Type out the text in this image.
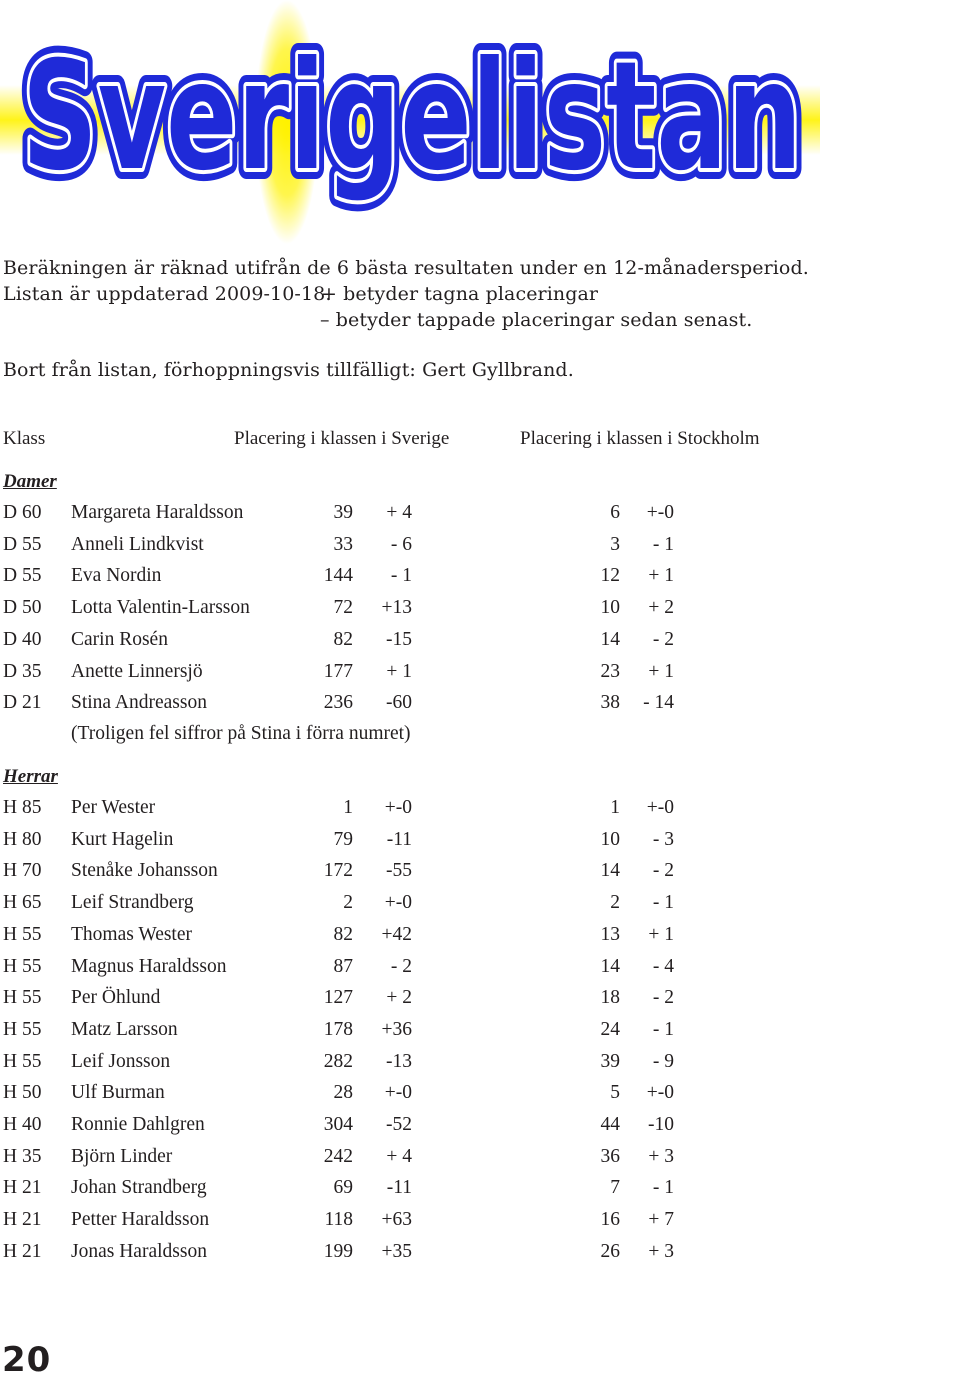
Sverigelistan
Sverigelistan
Sverigelistan
Beräkningen är räknad utifrån de 6 bästa resultaten under en 12-månadersperiod.
Listan är uppdaterad 2009-10-18.
+ betyder tagna placeringar
– betyder tappade placeringar sedan senast.
Bort från listan, förhoppningsvis tillfälligt: Gert Gyllbrand.
Klass	Placering i klassen i Sverige	Placering i klassen i Stockholm
Damer
D 60 Margareta Haraldsson	39	+ 4	6	+-0
D 55 Anneli Lindkvist	33	- 6	3	- 1
D 55 Eva Nordin	144	- 1	12	+ 1
D 50 Lotta Valentin-Larsson	72 +13	10	+ 2
D 40 Carin Rosén	82	-15	14	- 2
D 35 Anette Linnersjö	177	+ 1	23	+ 1
D 21 Stina Andreasson	236	-60	38 - 14
(Troligen fel siffror på Stina i förra numret)
Herrar
H 85 Per Wester	1	+-0	1	+-0
H 80 Kurt Hagelin	79	-11	10	- 3
H 70 Stenåke Johansson	172	-55	14	- 2
H 65 Leif Strandberg	2	+-0	2	- 1
H 55 Thomas Wester	82 +42	13	+ 1
H 55 Magnus Haraldsson	87	- 2	14	- 4
H 55 Per Öhlund	127	+ 2	18	- 2
H 55 Matz Larsson	178 +36	24	- 1
H 55 Leif Jonsson	282	-13	39	- 9
H 50 Ulf Burman	28	+-0	5	+-0
H 40 Ronnie Dahlgren	304	-52	44	-10
H 35 Björn Linder	242	+ 4	36	+ 3
H 21 Johan Strandberg	69	-11	7	- 1
H 21 Petter Haraldsson	118 +63	16	+ 7
H 21 Jonas Haraldsson	199 +35	26	+ 3
20
